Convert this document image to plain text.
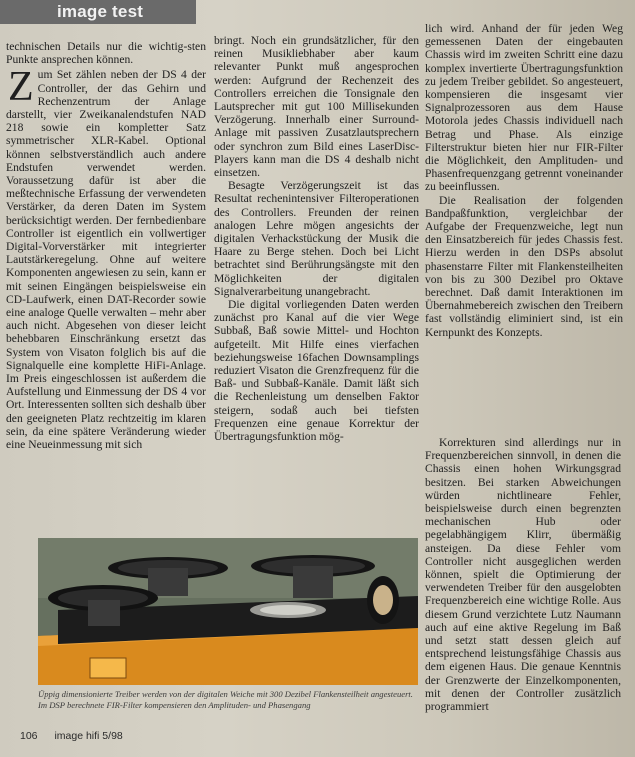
image test

technischen Details nur die wichtig-sten Punkte ansprechen können.

Zum Set zählen neben der DS 4 der Controller, der das Gehirn und Rechenzentrum der Anlage darstellt, vier Zweikanalendstufen NAD 218 sowie ein kompletter Satz symmetrischer XLR-Kabel. Optional können selbstverständlich auch andere Endstufen verwendet werden. Voraussetzung dafür ist aber die meßtechnische Erfassung der verwendeten Verstärker, da deren Daten im System berücksichtigt werden. Der fernbedienbare Controller ist eigentlich ein vollwertiger Digital-Vorverstärker mit integrierter Lautstärkeregelung. Ohne auf weitere Komponenten angewiesen zu sein, kann er mit seinen Eingängen beispielsweise ein CD-Laufwerk, einen DAT-Recorder sowie eine analoge Quelle verwalten – mehr aber auch nicht. Abgesehen von dieser leicht behebbaren Einschränkung ersetzt das System von Visaton folglich bis auf die Signalquelle eine komplette HiFi-Anlage. Im Preis eingeschlossen ist außerdem die Aufstellung und Einmessung der DS 4 vor Ort. Interessenten sollten sich deshalb über den geeigneten Platz rechtzeitig im klaren sein, da eine spätere Veränderung wieder eine Neueinmessung mit sich

bringt. Noch ein grundsätzlicher, für den reinen Musikliebhaber aber kaum relevanter Punkt muß angesprochen werden: Aufgrund der Rechenzeit des Controllers erreichen die Tonsignale den Lautsprecher mit gut 100 Millisekunden Verzögerung. Innerhalb einer Surround-Anlage mit passiven Zusatzlautsprechern oder synchron zum Bild eines LaserDisc-Players kann man die DS 4 deshalb nicht einsetzen.

Besagte Verzögerungszeit ist das Resultat rechenintensiver Filteroperationen des Controllers. Freunden der reinen analogen Lehre mögen angesichts der digitalen Verhackstückung der Musik die Haare zu Berge stehen. Doch bei Licht betrachtet sind Berührungsängste mit den Möglichkeiten der digitalen Signalverarbeitung unangebracht.

Die digital vorliegenden Daten werden zunächst pro Kanal auf die vier Wege Subbaß, Baß sowie Mittel- und Hochton aufgeteilt. Mit Hilfe eines vierfachen beziehungsweise 16fachen Downsamplings reduziert Visaton die Grenzfrequenz für die Baß- und Subbaß-Kanäle. Damit läßt sich die Rechenleistung um denselben Faktor steigern, sodaß auch bei tiefsten Frequenzen eine genaue Korrektur der Übertragungsfunktion mög-

lich wird. Anhand der für jeden Weg gemessenen Daten der eingebauten Chassis wird im zweiten Schritt eine dazu komplex invertierte Übertragungsfunktion zu jedem Treiber gebildet. So angesteuert, kompensieren die insgesamt vier Signalprozessoren aus dem Hause Motorola jedes Chassis individuell nach Betrag und Phase. Als einzige Filterstruktur bieten hier nur FIR-Filter die Möglichkeit, den Amplituden- und Phasenfrequenzgang getrennt voneinander zu beeinflussen.

Die Realisation der folgenden Bandpaßfunktion, vergleichbar der Aufgabe der Frequenzweiche, legt nun den Einsatzbereich für jedes Chassis fest. Hierzu werden in den DSPs absolut phasenstarre Filter mit Flankensteilheiten von bis zu 300 Dezibel pro Oktave berechnet. Daß damit Interaktionen im Übernahmebereich zwischen den Treibern fast vollständig eliminiert sind, ist ein Kernpunkt des Konzepts.

Korrekturen sind allerdings nur in Frequenzbereichen sinnvoll, in denen die Chassis einen hohen Wirkungsgrad besitzen. Bei starken Abweichungen würden nichtlineare Fehler, beispielsweise durch einen begrenzten mechanischen Hub oder pegelabhängigem Klirr, übermäßig ansteigen. Da diese Fehler vom Controller nicht ausgeglichen werden können, spielt die Optimierung der verwendeten Treiber für den ausgelobten Frequenzbereich eine wichtige Rolle. Aus diesem Grund verzichtete Lutz Naumann auch auf eine aktive Regelung im Baß und setzt statt dessen gleich auf entsprechend leistungsfähige Chassis aus dem eigenen Haus. Die genaue Kenntnis der Grenzwerte der Einzelkomponenten, mit denen der Controller zusätzlich programmiert

Üppig dimensionierte Treiber werden von der digitalen Weiche mit 300 Dezibel Flankensteilheit angesteuert. Im DSP berechnete FIR-Filter kompensieren den Amplituden- und Phasengang
106 image hifi 5/98
